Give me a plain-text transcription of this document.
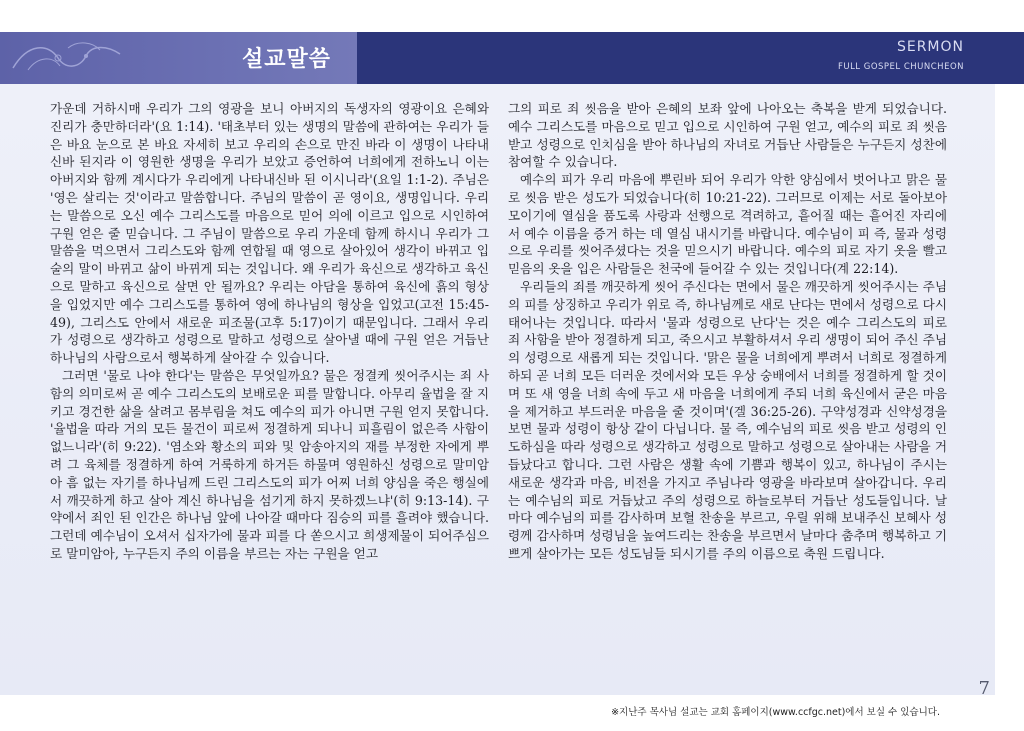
설교말씀	SERMON
FULL GOSPEL CHUNCHEON

가운데 거하시매 우리가 그의 영광을 보니 아버지의 독생자의 영광이요 은혜와 진리가 충만하더라'(요 1:14). '태초부터 있는 생명의 말씀에 관하여는 우리가 들은 바요 눈으로 본 바요 자세히 보고 우리의 손으로 만진 바라 이 생명이 나타내신바 된지라 이 영원한 생명을 우리가 보았고 증언하여 너희에게 전하노니 이는 아버지와 함께 계시다가 우리에게 나타내신바 된 이시니라'(요일 1:1-2). 주님은 '영은 살리는 것'이라고 말씀합니다. 주님의 말씀이 곧 영이요, 생명입니다. 우리는 말씀으로 오신 예수 그리스도를 마음으로 믿어 의에 이르고 입으로 시인하여 구원 얻은 줄 믿습니다. 그 주님이 말씀으로 우리 가운데 함께 하시니 우리가 그 말씀을 먹으면서 그리스도와 함께 연합될 때 영으로 살아있어 생각이 바뀌고 입술의 말이 바뀌고 삶이 바뀌게 되는 것입니다. 왜 우리가 육신으로 생각하고 육신으로 말하고 육신으로 살면 안 될까요? 우리는 아담을 통하여 육신에 흙의 형상을 입었지만 예수 그리스도를 통하여 영에 하나님의 형상을 입었고(고전 15:45-49), 그리스도 안에서 새로운 피조물(고후 5:17)이기 때문입니다. 그래서 우리가 성령으로 생각하고 성령으로 말하고 성령으로 살아낼 때에 구원 얻은 거듭난 하나님의 사람으로서 행복하게 살아갈 수 있습니다.

그러면 '물로 나야 한다'는 말씀은 무엇일까요? 물은 정결케 씻어주시는 죄 사함의 의미로써 곧 예수 그리스도의 보배로운 피를 말합니다. 아무리 율법을 잘 지키고 경건한 삶을 살려고 몸부림을 쳐도 예수의 피가 아니면 구원 얻지 못합니다. '율법을 따라 거의 모든 물건이 피로써 정결하게 되나니 피흘림이 없은즉 사함이 없느니라'(히 9:22). '염소와 황소의 피와 및 암송아지의 재를 부정한 자에게 뿌려 그 육체를 정결하게 하여 거룩하게 하거든 하물며 영원하신 성령으로 말미암아 흠 없는 자기를 하나님께 드린 그리스도의 피가 어찌 너희 양심을 죽은 행실에서 깨끗하게 하고 살아 계신 하나님을 섬기게 하지 못하겠느냐'(히 9:13-14). 구약에서 죄인 된 인간은 하나님 앞에 나아갈 때마다 짐승의 피를 흘려야 했습니다. 그런데 예수님이 오셔서 십자가에 물과 피를 다 쏟으시고 희생제물이 되어주심으로 말미암아, 누구든지 주의 이름을 부르는 자는 구원을 얻고

그의 피로 죄 씻음을 받아 은혜의 보좌 앞에 나아오는 축복을 받게 되었습니다. 예수 그리스도를 마음으로 믿고 입으로 시인하여 구원 얻고, 예수의 피로 죄 씻음 받고 성령으로 인치심을 받아 하나님의 자녀로 거듭난 사람들은 누구든지 성찬에 참여할 수 있습니다.

예수의 피가 우리 마음에 뿌린바 되어 우리가 악한 양심에서 벗어나고 맑은 물로 씻음 받은 성도가 되었습니다(히 10:21-22). 그러므로 이제는 서로 돌아보아 모이기에 열심을 품도록 사랑과 선행으로 격려하고, 흩어질 때는 흩어진 자리에서 예수 이름을 증거 하는 데 열심 내시기를 바랍니다. 예수님이 피 즉, 물과 성령으로 우리를 씻어주셨다는 것을 믿으시기 바랍니다. 예수의 피로 자기 옷을 빨고 믿음의 옷을 입은 사람들은 천국에 들어갈 수 있는 것입니다(계 22:14).

우리들의 죄를 깨끗하게 씻어 주신다는 면에서 물은 깨끗하게 씻어주시는 주님의 피를 상징하고 우리가 위로 즉, 하나님께로 새로 난다는 면에서 성령으로 다시 태어나는 것입니다. 따라서 '물과 성령으로 난다'는 것은 예수 그리스도의 피로 죄 사함을 받아 정결하게 되고, 죽으시고 부활하셔서 우리 생명이 되어 주신 주님의 성령으로 새롭게 되는 것입니다. '맑은 물을 너희에게 뿌려서 너희로 정결하게 하되 곧 너희 모든 더러운 것에서와 모든 우상 숭배에서 너희를 정결하게 할 것이며 또 새 영을 너희 속에 두고 새 마음을 너희에게 주되 너희 육신에서 굳은 마음을 제거하고 부드러운 마음을 줄 것이며'(겔 36:25-26). 구약성경과 신약성경을 보면 물과 성령이 항상 같이 다닙니다. 물 즉, 예수님의 피로 씻음 받고 성령의 인도하심을 따라 성령으로 생각하고 성령으로 말하고 성령으로 살아내는 사람을 거듭났다고 합니다. 그런 사람은 생활 속에 기쁨과 행복이 있고, 하나님이 주시는 새로운 생각과 마음, 비전을 가지고 주님나라 영광을 바라보며 살아갑니다. 우리는 예수님의 피로 거듭났고 주의 성령으로 하늘로부터 거듭난 성도들입니다. 날마다 예수님의 피를 감사하며 보혈 찬송을 부르고, 우릴 위해 보내주신 보혜사 성령께 감사하며 성령님을 높여드리는 찬송을 부르면서 날마다 춤추며 행복하고 기쁘게 살아가는 모든 성도님들 되시기를 주의 이름으로 축원 드립니다.

7

※지난주 목사님 설교는 교회 홈페이지(www.ccfgc.net)에서 보실 수 있습니다.
